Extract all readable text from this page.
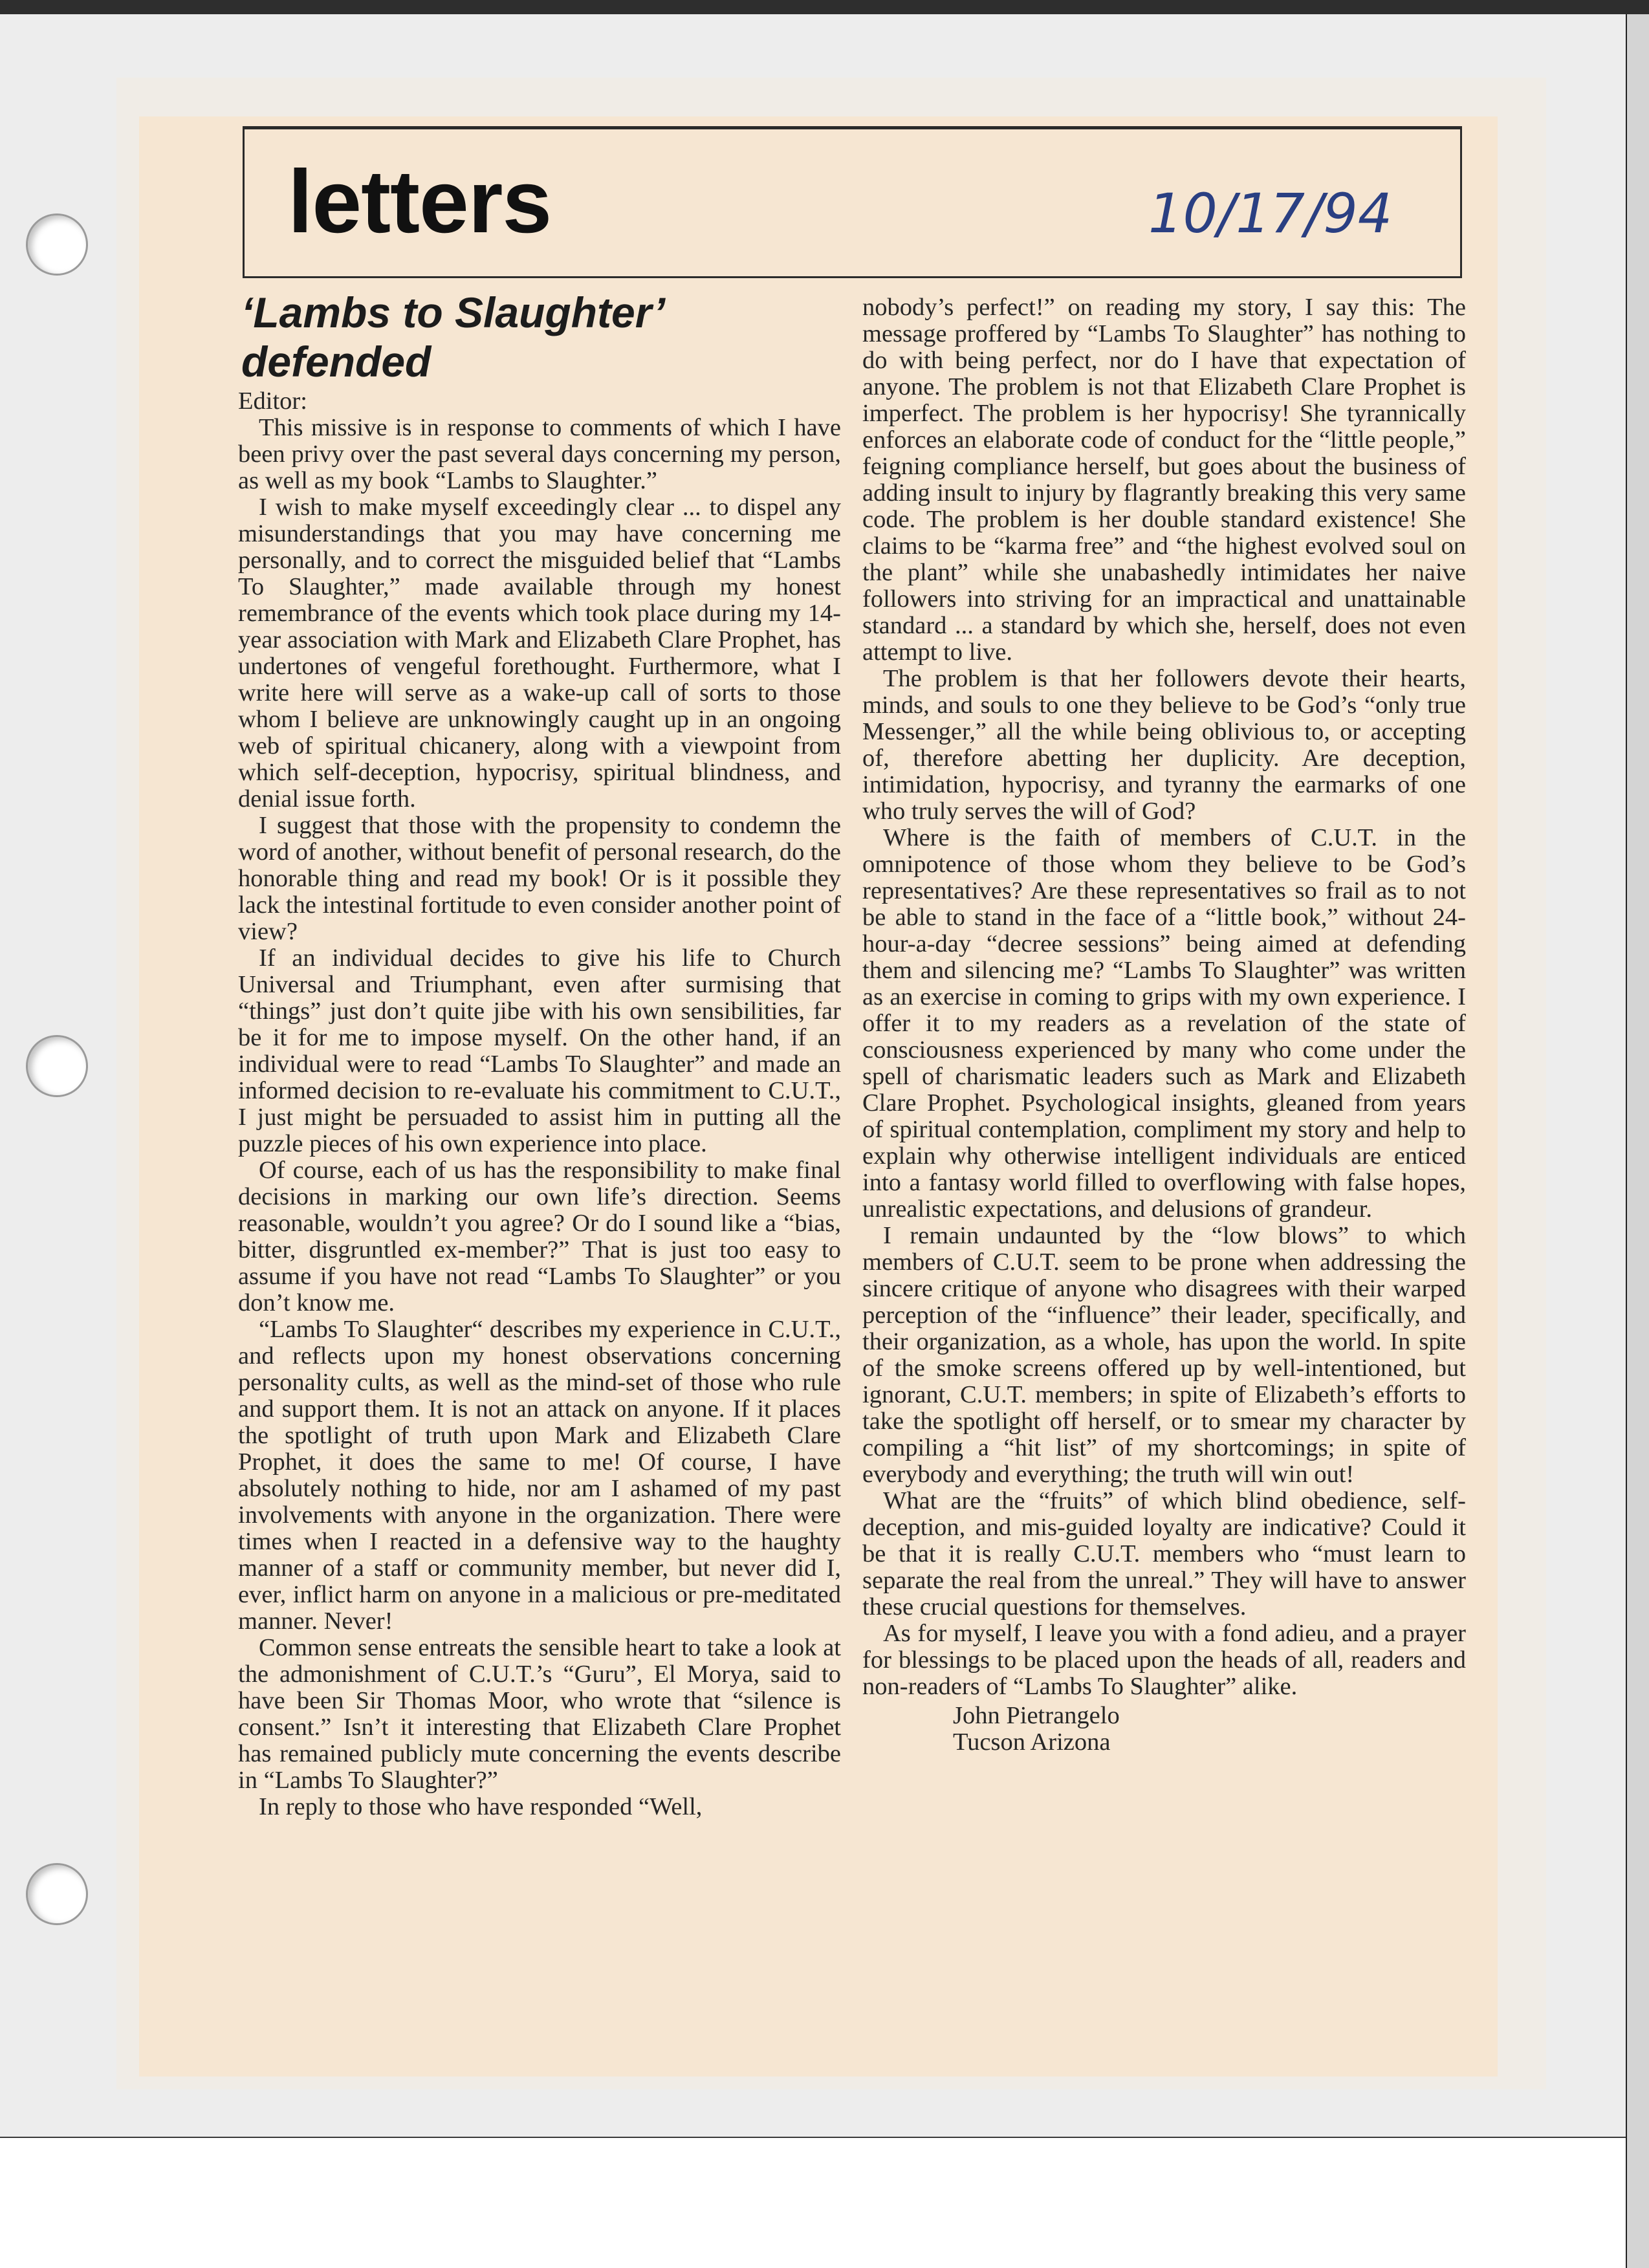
letters	10/17/94
‘Lambs to Slaughter’ defended

Editor:

This missive is in response to comments of which I have been privy over the past several days concerning my person, as well as my book “Lambs to Slaughter.”

I wish to make myself exceedingly clear ... to dispel any misunderstandings that you may have concerning me personally, and to correct the misguided belief that “Lambs To Slaughter,” made available through my honest remembrance of the events which took place during my 14-year association with Mark and Elizabeth Clare Prophet, has undertones of vengeful forethought. Furthermore, what I write here will serve as a wake-up call of sorts to those whom I believe are unknowingly caught up in an ongoing web of spiritual chicanery, along with a viewpoint from which self-deception, hypocrisy, spiritual blindness, and denial issue forth.

I suggest that those with the propensity to condemn the word of another, without benefit of personal research, do the honorable thing and read my book! Or is it possible they lack the intestinal fortitude to even consider another point of view?

If an individual decides to give his life to Church Universal and Triumphant, even after surmising that “things” just don’t quite jibe with his own sensibilities, far be it for me to impose myself. On the other hand, if an individual were to read “Lambs To Slaughter” and made an informed decision to re-evaluate his commitment to C.U.T., I just might be persuaded to assist him in putting all the puzzle pieces of his own experience into place.

Of course, each of us has the responsibility to make final decisions in marking our own life’s direction. Seems reasonable, wouldn’t you agree? Or do I sound like a “bias, bitter, disgruntled ex-member?” That is just too easy to assume if you have not read “Lambs To Slaughter” or you don’t know me.

“Lambs To Slaughter“ describes my experience in C.U.T., and reflects upon my honest observations concerning personality cults, as well as the mind-set of those who rule and support them. It is not an attack on anyone. If it places the spotlight of truth upon Mark and Elizabeth Clare Prophet, it does the same to me! Of course, I have absolutely nothing to hide, nor am I ashamed of my past involvements with anyone in the organization. There were times when I reacted in a defensive way to the haughty manner of a staff or community member, but never did I, ever, inflict harm on anyone in a malicious or pre-meditated manner. Never!

Common sense entreats the sensible heart to take a look at the admonishment of C.U.T.’s “Guru”, El Morya, said to have been Sir Thomas Moor, who wrote that “silence is consent.” Isn’t it interesting that Elizabeth Clare Prophet has remained publicly mute concerning the events describe in “Lambs To Slaughter?”

In reply to those who have responded “Well,

nobody’s perfect!” on reading my story, I say this: The message proffered by “Lambs To Slaughter” has nothing to do with being perfect, nor do I have that expectation of anyone. The problem is not that Elizabeth Clare Prophet is imperfect. The problem is her hypocrisy! She tyrannically enforces an elaborate code of conduct for the “little people,” feigning compliance herself, but goes about the business of adding insult to injury by flagrantly breaking this very same code. The problem is her double standard existence! She claims to be “karma free” and “the highest evolved soul on the plant” while she unabashedly intimidates her naive followers into striving for an impractical and unattainable standard ... a standard by which she, herself, does not even attempt to live.

The problem is that her followers devote their hearts, minds, and souls to one they believe to be God’s “only true Messenger,” all the while being oblivious to, or accepting of, therefore abetting her duplicity. Are deception, intimidation, hypocrisy, and tyranny the earmarks of one who truly serves the will of God?

Where is the faith of members of C.U.T. in the omnipotence of those whom they believe to be God’s representatives? Are these representatives so frail as to not be able to stand in the face of a “little book,” without 24-hour-a-day “decree sessions” being aimed at defending them and silencing me? “Lambs To Slaughter” was written as an exercise in coming to grips with my own experience. I offer it to my readers as a revelation of the state of consciousness experienced by many who come under the spell of charismatic leaders such as Mark and Elizabeth Clare Prophet. Psychological insights, gleaned from years of spiritual contemplation, compliment my story and help to explain why otherwise intelligent individuals are enticed into a fantasy world filled to overflowing with false hopes, unrealistic expectations, and delusions of grandeur.

I remain undaunted by the “low blows” to which members of C.U.T. seem to be prone when addressing the sincere critique of anyone who disagrees with their warped perception of the “influence” their leader, specifically, and their organization, as a whole, has upon the world. In spite of the smoke screens offered up by well-intentioned, but ignorant, C.U.T. members; in spite of Elizabeth’s efforts to take the spotlight off herself, or to smear my character by compiling a “hit list” of my shortcomings; in spite of everybody and everything; the truth will win out!

What are the “fruits” of which blind obedience, self-deception, and mis-guided loyalty are indicative? Could it be that it is really C.U.T. members who “must learn to separate the real from the unreal.” They will have to answer these crucial questions for themselves.

As for myself, I leave you with a fond adieu, and a prayer for blessings to be placed upon the heads of all, readers and non-readers of “Lambs To Slaughter” alike.

John Pietrangelo
Tucson Arizona
